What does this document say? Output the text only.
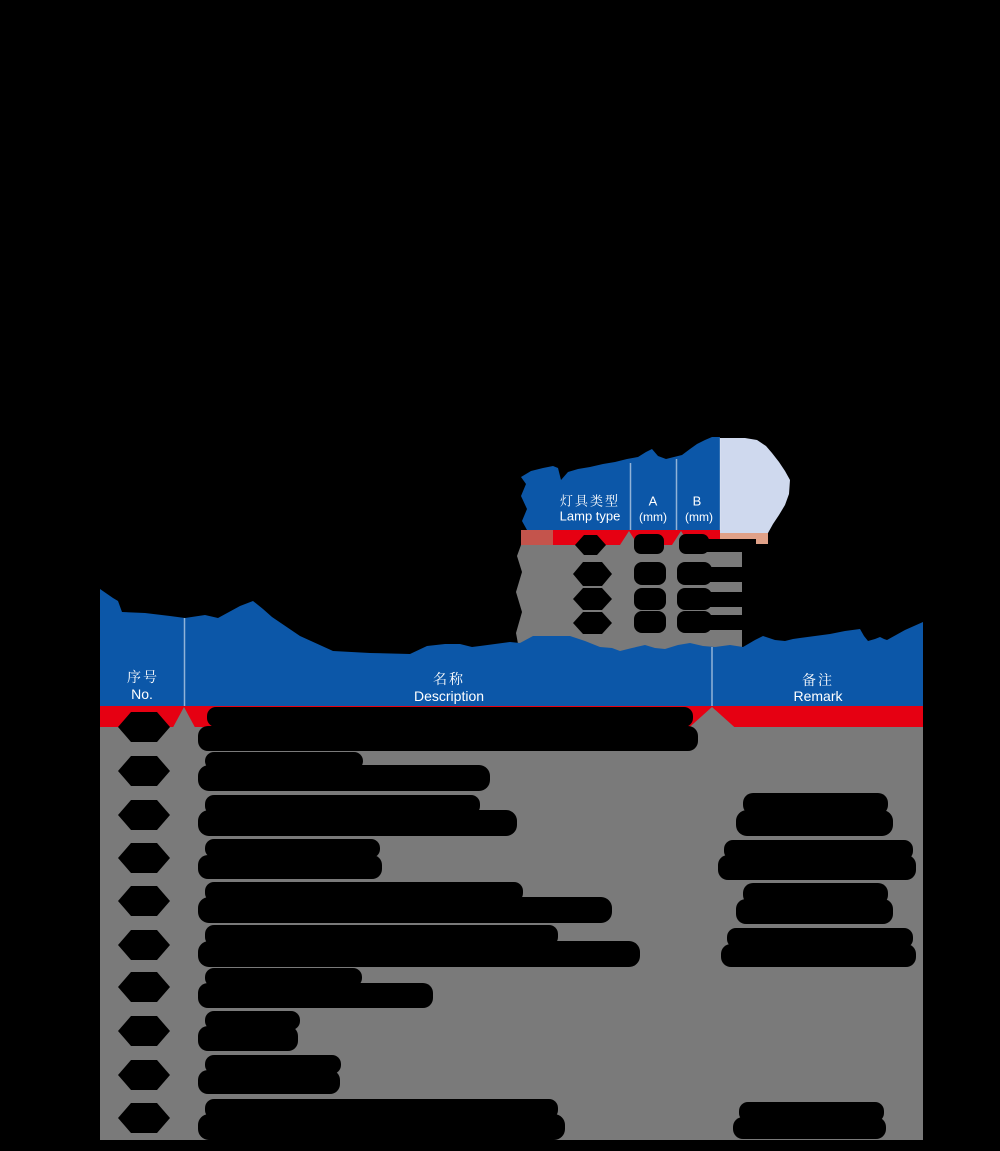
灯具类型
Lamp type
A
(mm)
B
(mm)
序号
No.
名称
Description
备注
Remark
